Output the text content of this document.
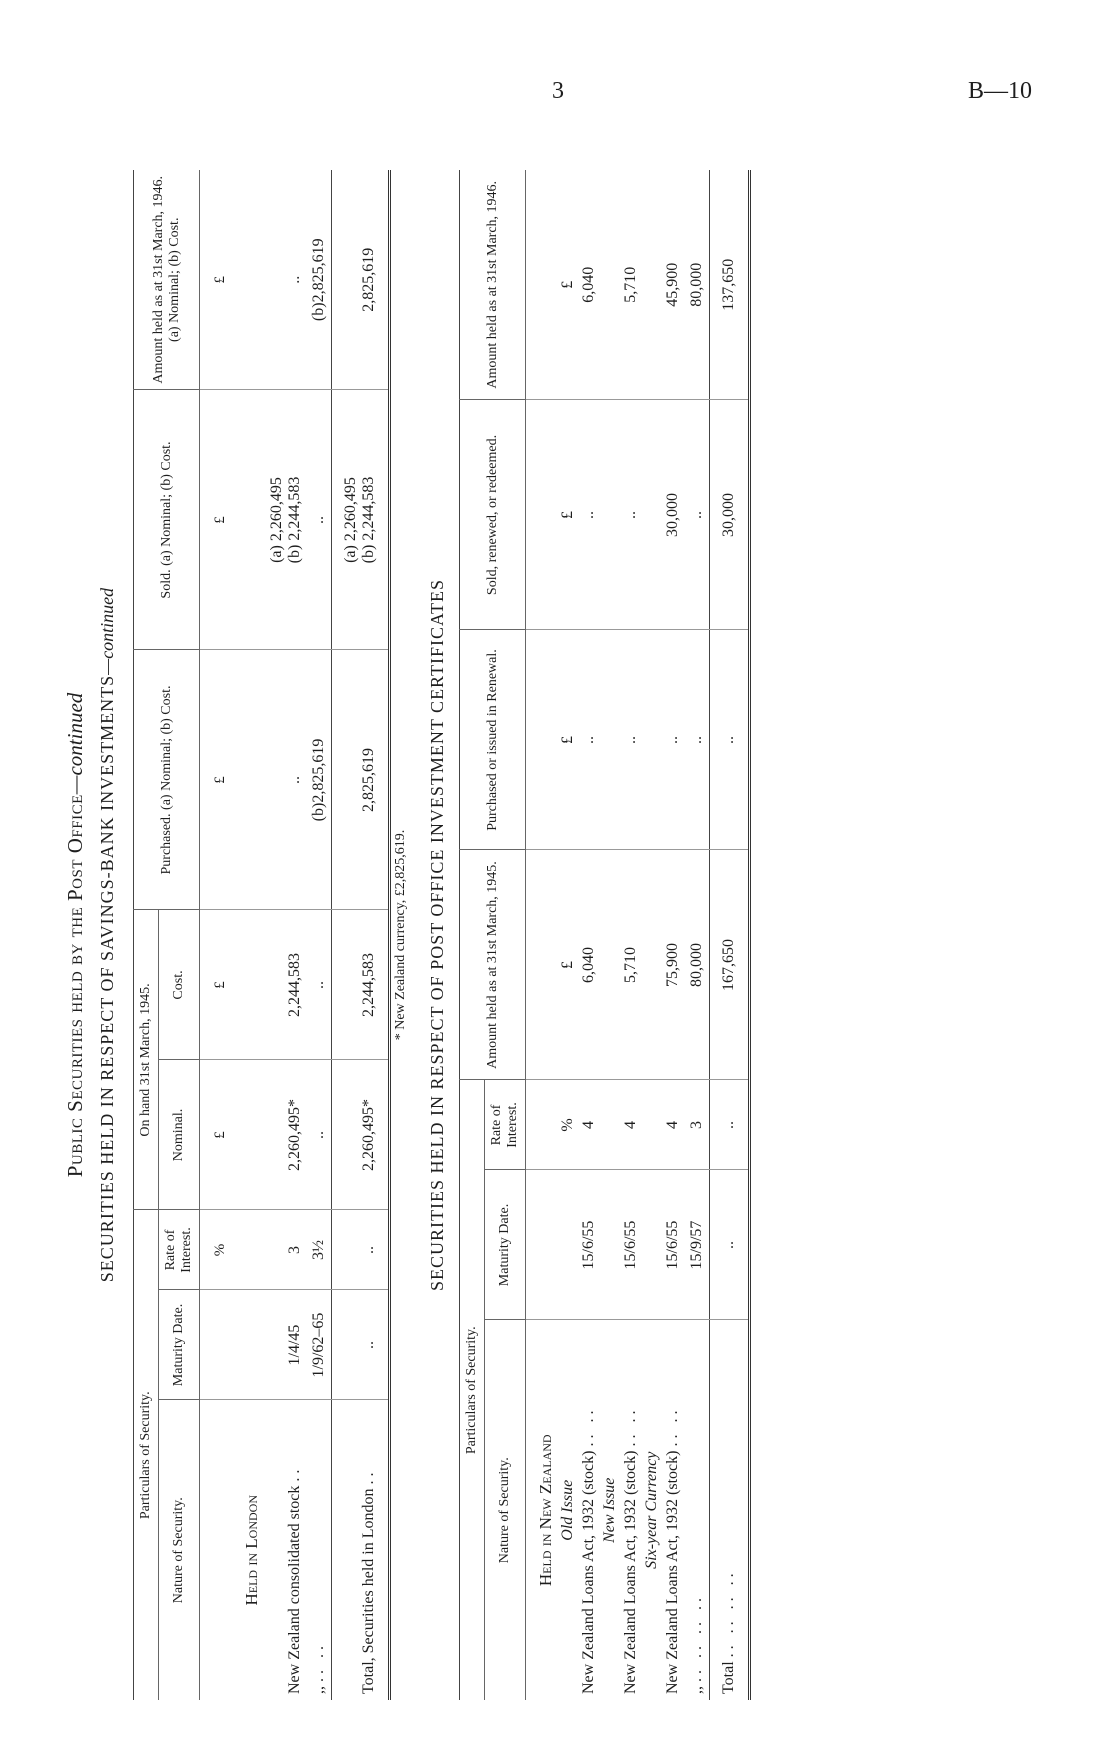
3	B—10
Public Securities held by the Post Office—continued SECURITIES HELD IN RESPECT OF SAVINGS-BANK INVESTMENTS—continued
Particulars of Security.			On hand 31st March, 1945.		Purchased. (a) Nominal; (b) Cost.	Sold. (a) Nominal; (b) Cost.	Amount held as at 31st March, 1946. (a) Nominal; (b) Cost.
Nature of Security.	Maturity Date.	Rate of Interest.	Nominal.	Cost.			
		%	£	£	£	£	£
Held in London							
New Zealand consolidated stock ..	1/4/45	3	2,260,495*	2,244,583	..	(a) 2,260,495 (b) 2,244,583	..
,, .. ..	1/9/62–65	3½	..	..	(b)2,825,619	..	(b)2,825,619
Total, Securities held in London ..	..	..	2,260,495*	2,244,583	2,825,619	(a) 2,260,495 (b) 2,244,583	2,825,619
* New Zealand currency, £2,825,619. SECURITIES HELD IN RESPECT OF POST OFFICE INVESTMENT CERTIFICATES
Particulars of Security.			Amount held as at 31st March, 1945.	Purchased or issued in Renewal.	Sold, renewed, or redeemed.	Amount held as at 31st March, 1946.
Nature of Security.	Maturity Date.	Rate of Interest.				
Held in New Zealand						
Old Issue		%	£	£	£	£
New Zealand Loans Act, 1932 (stock) .. ..	15/6/55	4	6,040	..	..	6,040
New Issue						
New Zealand Loans Act, 1932 (stock) .. ..	15/6/55	4	5,710	..	..	5,710
Six-year Currency						
New Zealand Loans Act, 1932 (stock) .. ..	15/6/55	4	75,900	..	30,000	45,900
,, .. .. .. ..	15/9/57	3	80,000	..	..	80,000
Total .. .. .. ..	..	..	167,650	..	30,000	137,650
